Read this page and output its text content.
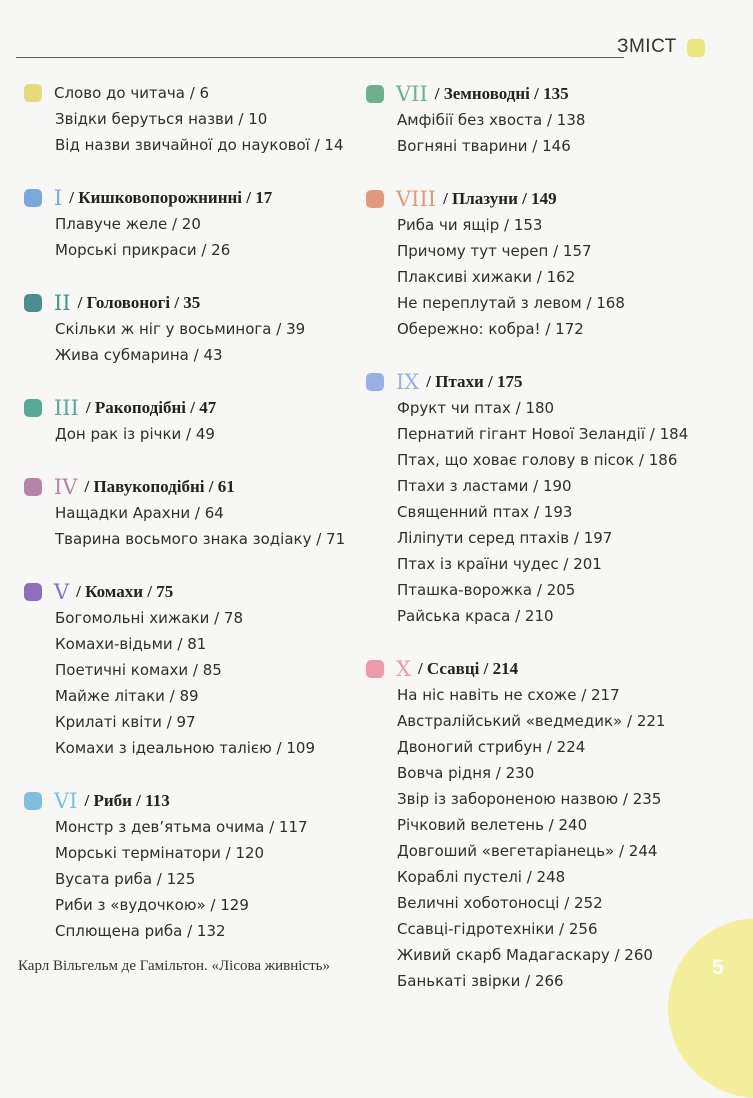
ЗМІСТ
Слово до читача / 6
Звідки беруться назви / 10
Від назви звичайної до наукової / 14
I / Кишковопорожнинні / 17
Плавуче желе / 20
Морські прикраси / 26
II / Головоногі / 35
Скільки ж ніг у восьминога / 39
Жива субмарина / 43
III / Ракоподібні / 47
Дон рак із річки / 49
IV / Павукоподібні / 61
Нащадки Арахни / 64
Тварина восьмого знака зодіаку / 71
V / Комахи / 75
Богомольні хижаки / 78
Комахи-відьми / 81
Поетичні комахи / 85
Майже літаки / 89
Крилаті квіти / 97
Комахи з ідеальною талією / 109
VI / Риби / 113
Монстр з дев’ятьма очима / 117
Морські термінатори / 120
Вусата риба / 125
Риби з «вудочкою» / 129
Сплющена риба / 132
VII / Земноводні / 135
Амфібії без хвоста / 138
Вогняні тварини / 146
VIII / Плазуни / 149
Риба чи ящір / 153
Причому тут череп / 157
Плаксиві хижаки / 162
Не переплутай з левом / 168
Обережно: кобра! / 172
IX / Птахи / 175
Фрукт чи птах / 180
Пернатий гігант Нової Зеландії / 184
Птах, що ховає голову в пісок / 186
Птахи з ластами / 190
Священний птах / 193
Ліліпути серед птахів / 197
Птах із країни чудес / 201
Пташка-ворожка / 205
Райська краса / 210
X / Ссавці / 214
На ніс навіть не схоже / 217
Австралійський «ведмедик» / 221
Двоногий стрибун / 224
Вовча рідня / 230
Звір із забороненою назвою / 235
Річковий велетень / 240
Довгоший «вегетаріанець» / 244
Кораблі пустелі / 248
Величні хоботоносці / 252
Ссавці-гідротехніки / 256
Живий скарб Мадагаскару / 260
Банькаті звірки / 266
Карл Вільгельм де Гамільтон. «Лісова живність»	5
